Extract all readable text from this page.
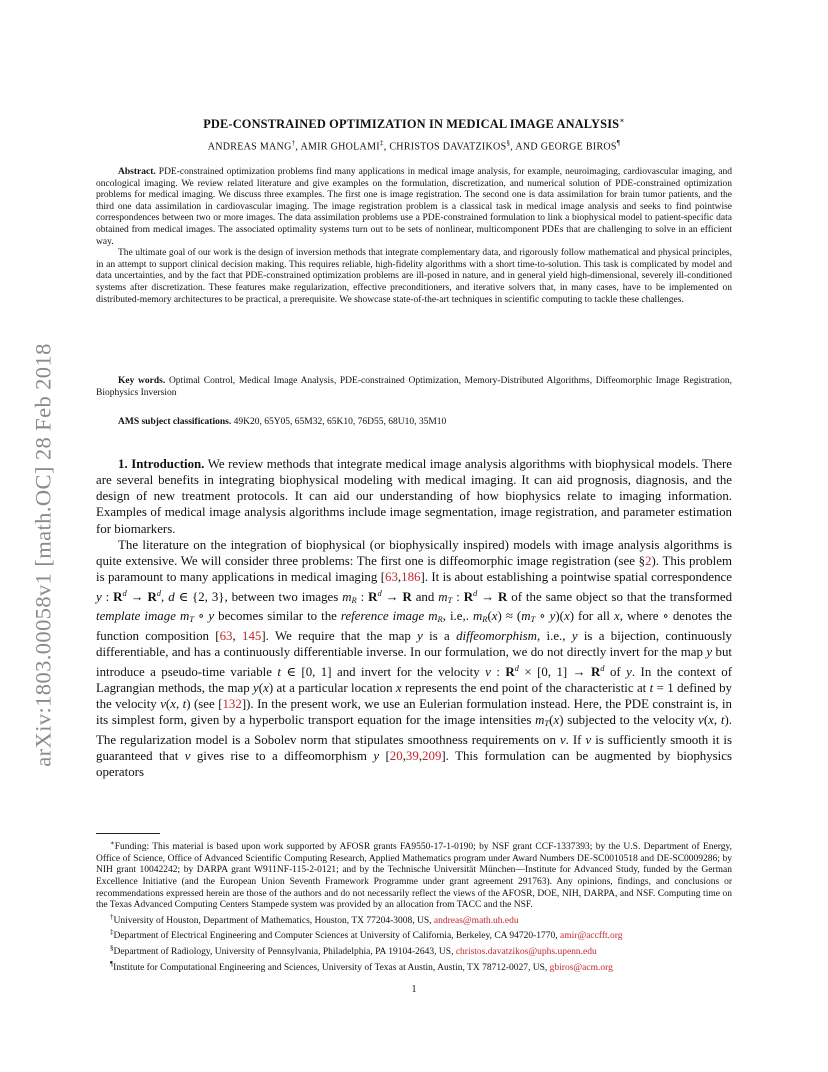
arXiv:1803.00058v1 [math.OC] 28 Feb 2018
PDE-CONSTRAINED OPTIMIZATION IN MEDICAL IMAGE ANALYSIS∗
ANDREAS MANG†, AMIR GHOLAMI‡, CHRISTOS DAVATZIKOS§, AND GEORGE BIROS¶

Abstract. PDE-constrained optimization problems find many applications in medical image analysis, for example, neuroimaging, cardiovascular imaging, and oncological imaging. We review related literature and give examples on the formulation, discretization, and numerical solution of PDE-constrained optimization problems for medical imaging. We discuss three examples. The first one is image registration. The second one is data assimilation for brain tumor patients, and the third one data assimilation in cardiovascular imaging. The image registration problem is a classical task in medical image analysis and seeks to find pointwise correspondences between two or more images. The data assimilation problems use a PDE-constrained formulation to link a biophysical model to patient-specific data obtained from medical images. The associated optimality systems turn out to be sets of nonlinear, multicomponent PDEs that are challenging to solve in an efficient way.

The ultimate goal of our work is the design of inversion methods that integrate complementary data, and rigorously follow mathematical and physical principles, in an attempt to support clinical decision making. This requires reliable, high-fidelity algorithms with a short time-to-solution. This task is complicated by model and data uncertainties, and by the fact that PDE-constrained optimization problems are ill-posed in nature, and in general yield high-dimensional, severely ill-conditioned systems after discretization. These features make regularization, effective preconditioners, and iterative solvers that, in many cases, have to be implemented on distributed-memory architectures to be practical, a prerequisite. We showcase state-of-the-art techniques in scientific computing to tackle these challenges.

Key words. Optimal Control, Medical Image Analysis, PDE-constrained Optimization, Memory-Distributed Algorithms, Diffeomorphic Image Registration, Biophysics Inversion

AMS subject classifications. 49K20, 65Y05, 65M32, 65K10, 76D55, 68U10, 35M10

1. Introduction. We review methods that integrate medical image analysis algorithms with biophysical models. There are several benefits in integrating biophysical modeling with medical imaging. It can aid prognosis, diagnosis, and the design of new treatment protocols. It can aid our understanding of how biophysics relate to imaging information. Examples of medical image analysis algorithms include image segmentation, image registration, and parameter estimation for biomarkers.

The literature on the integration of biophysical (or biophysically inspired) models with image analysis algorithms is quite extensive. We will consider three problems: The first one is diffeomorphic image registration (see §2). This problem is paramount to many applications in medical imaging [63,186]. It is about establishing a pointwise spatial correspondence y : $R^d \to R^d$, d ∈ {2, 3}, between two images $m_R$ : $R^d \to R$ and $m_T$ : $R^d \to R$ of the same object so that the transformed template image $m_T$ ∘ y becomes similar to the reference image $m_R$, i.e,. $m_R(x) \approx (m_T$ ∘ y)(x) for all x, where ∘ denotes the function composition [63, 145]. We require that the map y is a diffeomorphism, i.e., y is a bijection, continuously differentiable, and has a continuously differentiable inverse. In our formulation, we do not directly invert for the map y but introduce a pseudo-time variable t ∈ [0, 1] and invert for the velocity v : $R^d \times [0$, $1] \to R^d$ of y. In the context of Lagrangian methods, the map y(x) at a particular location x represents the end point of the characteristic at t = 1 defined by the velocity v(x, t) (see [132]). In the present work, we use an Eulerian formulation instead. Here, the PDE constraint is, in its simplest form, given by a hyperbolic transport equation for the image intensities $m_T(x)$ subjected to the velocity v(x, t). The regularization model is a Sobolev norm that stipulates smoothness requirements on v. If v is sufficiently smooth it is guaranteed that v gives rise to a diffeomorphism y [20,39,209]. This formulation can be augmented by biophysics operators

∗Funding: This material is based upon work supported by AFOSR grants FA9550-17-1-0190; by NSF grant CCF-1337393; by the U.S. Department of Energy, Office of Science, Office of Advanced Scientific Computing Research, Applied Mathematics program under Award Numbers DE-SC0010518 and DE-SC0009286; by NIH grant 10042242; by DARPA grant W911NF-115-2-0121; and by the Technische Universität München—Institute for Advanced Study, funded by the German Excellence Initiative (and the European Union Seventh Framework Programme under grant agreement 291763). Any opinions, findings, and conclusions or recommendations expressed herein are those of the authors and do not necessarily reflect the views of the AFOSR, DOE, NIH, DARPA, and NSF. Computing time on the Texas Advanced Computing Centers Stampede system was provided by an allocation from TACC and the NSF.

†University of Houston, Department of Mathematics, Houston, TX 77204-3008, US, andreas@math.uh.edu

‡Department of Electrical Engineering and Computer Sciences at University of California, Berkeley, CA 94720-1770, amir@accfft.org

§Department of Radiology, University of Pennsylvania, Philadelphia, PA 19104-2643, US, christos.davatzikos@uphs.upenn.edu

¶Institute for Computational Engineering and Sciences, University of Texas at Austin, Austin, TX 78712-0027, US, gbiros@acm.org

1
